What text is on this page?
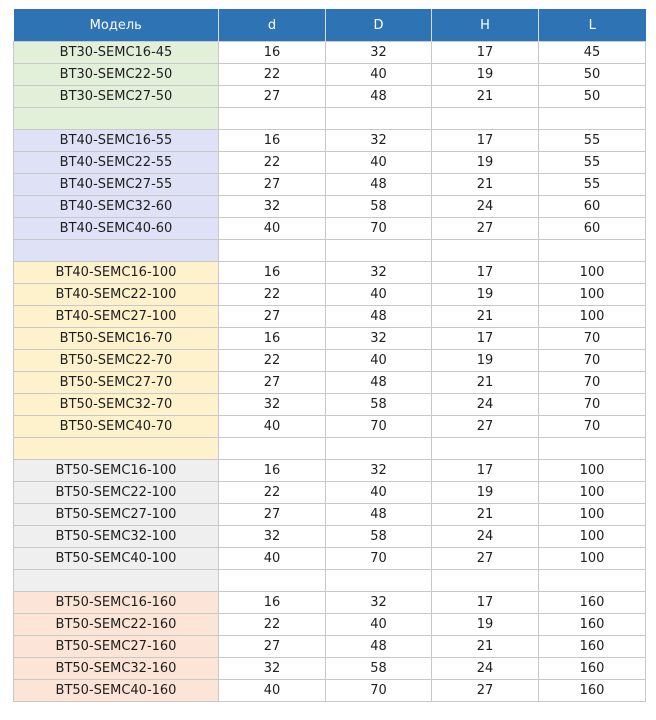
Модель	d	D	H	L
BT30-SEMC16-45	16	32	17	45
BT30-SEMC22-50	22	40	19	50
BT30-SEMC27-50	27	48	21	50

BT40-SEMC16-55	16	32	17	55
BT40-SEMC22-55	22	40	19	55
BT40-SEMC27-55	27	48	21	55
BT40-SEMC32-60	32	58	24	60
BT40-SEMC40-60	40	70	27	60

BT40-SEMC16-100	16	32	17	100
BT40-SEMC22-100	22	40	19	100
BT40-SEMC27-100	27	48	21	100
BT50-SEMC16-70	16	32	17	70
BT50-SEMC22-70	22	40	19	70
BT50-SEMC27-70	27	48	21	70
BT50-SEMC32-70	32	58	24	70
BT50-SEMC40-70	40	70	27	70

BT50-SEMC16-100	16	32	17	100
BT50-SEMC22-100	22	40	19	100
BT50-SEMC27-100	27	48	21	100
BT50-SEMC32-100	32	58	24	100
BT50-SEMC40-100	40	70	27	100

BT50-SEMC16-160	16	32	17	160
BT50-SEMC22-160	22	40	19	160
BT50-SEMC27-160	27	48	21	160
BT50-SEMC32-160	32	58	24	160
BT50-SEMC40-160	40	70	27	160
